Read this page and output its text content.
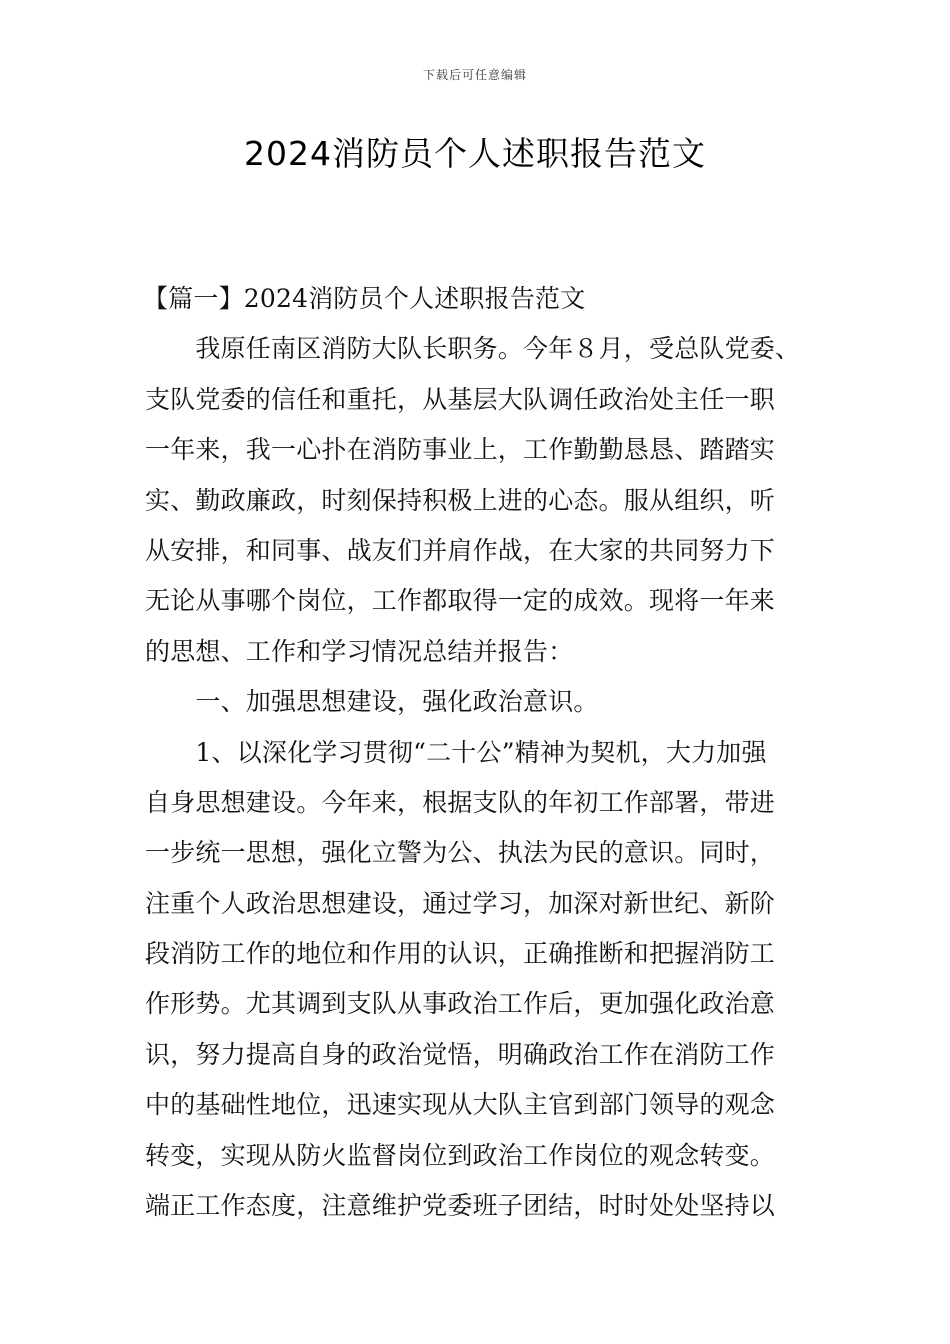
下载后可任意编辑
2024消防员个人述职报告范文
【篇一】2024消防员个人述职报告范文
　　我原任南区消防大队长职务。今年８月，受总队党委、
支队党委的信任和重托，从基层大队调任政治处主任一职
一年来，我一心扑在消防事业上，工作勤勤恳恳、踏踏实
实、勤政廉政，时刻保持积极上进的心态。服从组织，听
从安排，和同事、战友们并肩作战，在大家的共同努力下
无论从事哪个岗位，工作都取得一定的成效。现将一年来
的思想、工作和学习情况总结并报告：
　　一、加强思想建设，强化政治意识。
　　1、以深化学习贯彻“二十公”精神为契机，大力加强
自身思想建设。今年来，根据支队的年初工作部署，带进
一步统一思想，强化立警为公、执法为民的意识。同时，
注重个人政治思想建设，通过学习，加深对新世纪、新阶
段消防工作的地位和作用的认识，正确推断和把握消防工
作形势。尤其调到支队从事政治工作后，更加强化政治意
识，努力提高自身的政治觉悟，明确政治工作在消防工作
中的基础性地位，迅速实现从大队主官到部门领导的观念
转变，实现从防火监督岗位到政治工作岗位的观念转变。
端正工作态度，注意维护党委班子团结，时时处处坚持以
